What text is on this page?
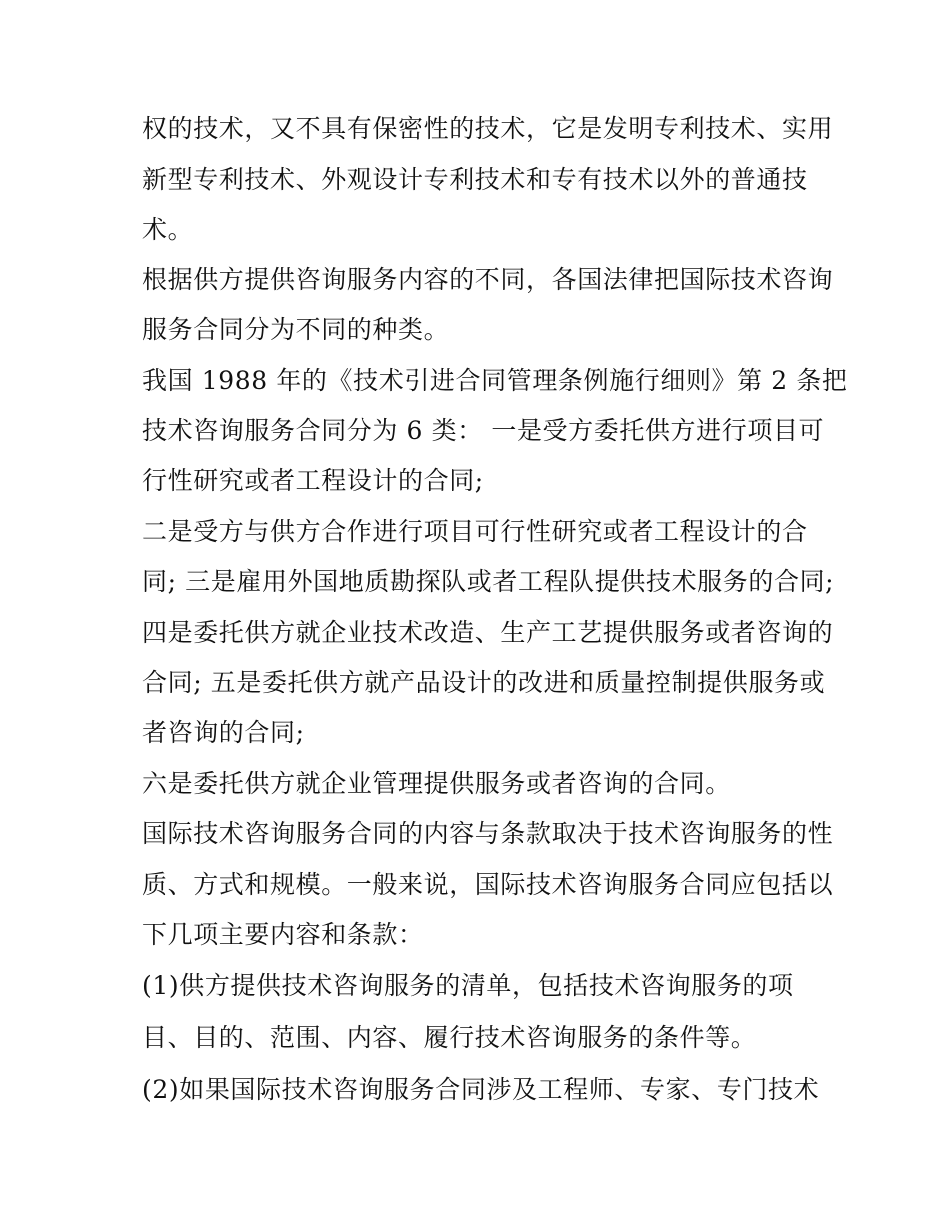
权的技术，又不具有保密性的技术，它是发明专利技术、实用
新型专利技术、外观设计专利技术和专有技术以外的普通技
术。
根据供方提供咨询服务内容的不同，各国法律把国际技术咨询
服务合同分为不同的种类。
我国 1988 年的《技术引进合同管理条例施行细则》第 2 条把
技术咨询服务合同分为 6 类： 一是受方委托供方进行项目可
行性研究或者工程设计的合同;
二是受方与供方合作进行项目可行性研究或者工程设计的合
同; 三是雇用外国地质勘探队或者工程队提供技术服务的合同;
四是委托供方就企业技术改造、生产工艺提供服务或者咨询的
合同; 五是委托供方就产品设计的改进和质量控制提供服务或
者咨询的合同;
六是委托供方就企业管理提供服务或者咨询的合同。
国际技术咨询服务合同的内容与条款取决于技术咨询服务的性
质、方式和规模。一般来说，国际技术咨询服务合同应包括以
下几项主要内容和条款：
(1)供方提供技术咨询服务的清单，包括技术咨询服务的项
目、目的、范围、内容、履行技术咨询服务的条件等。
(2)如果国际技术咨询服务合同涉及工程师、专家、专门技术
